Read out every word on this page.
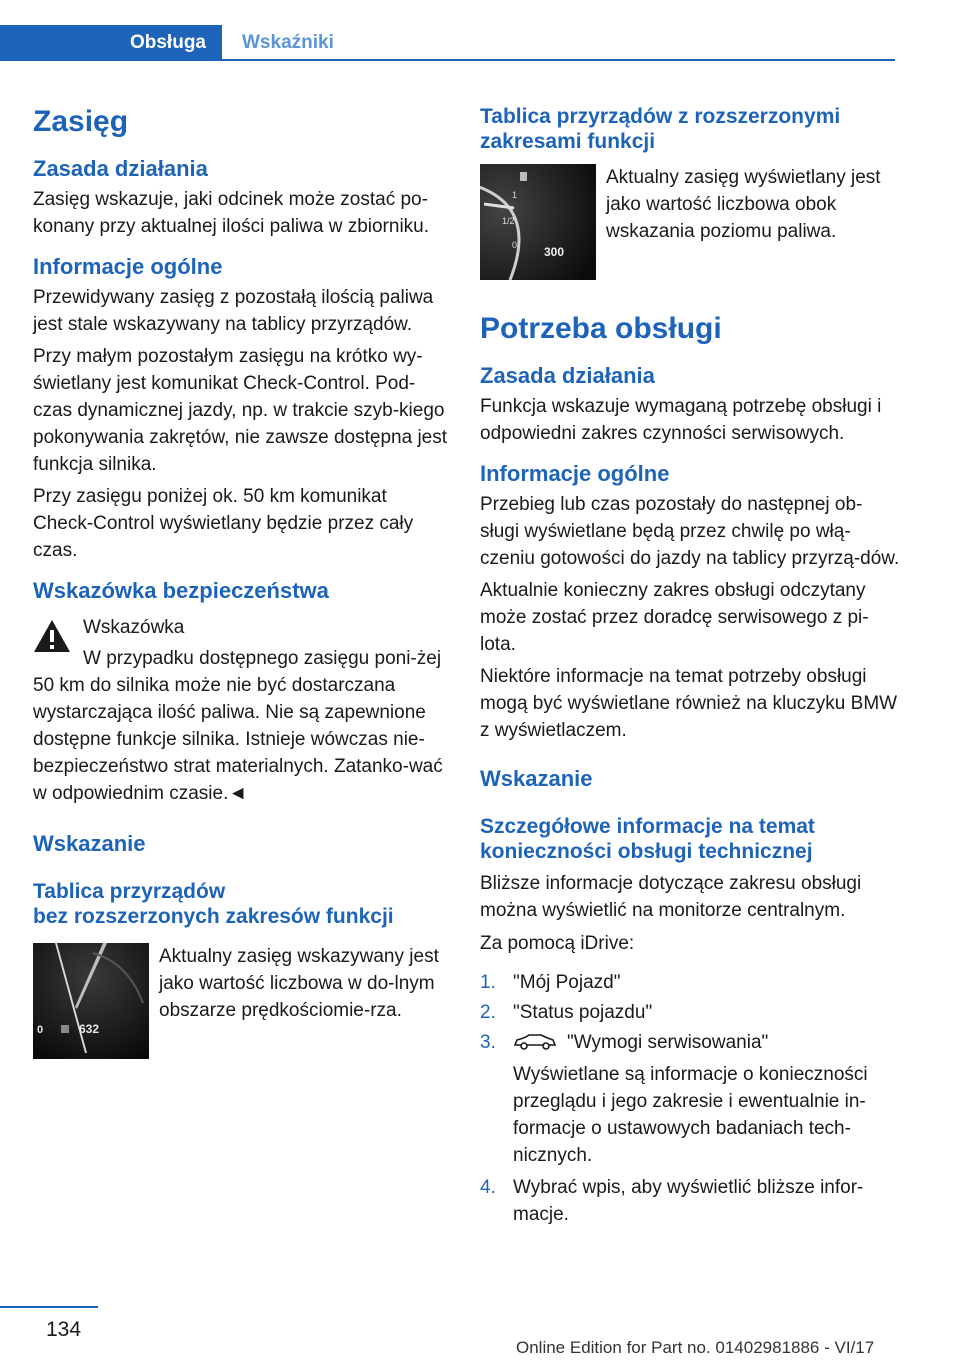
Obsługa	Wskaźniki
Zasięg
Zasada działania
Zasięg wskazuje, jaki odcinek może zostać po-konany przy aktualnej ilości paliwa w zbiorniku.
Informacje ogólne
Przewidywany zasięg z pozostałą ilością paliwa jest stale wskazywany na tablicy przyrządów.
Przy małym pozostałym zasięgu na krótko wy-świetlany jest komunikat Check-Control. Pod-czas dynamicznej jazdy, np. w trakcie szyb-kiego pokonywania zakrętów, nie zawsze dostępna jest funkcja silnika.
Przy zasięgu poniżej ok. 50 km komunikat Check-Control wyświetlany będzie przez cały czas.
Wskazówka bezpieczeństwa
Wskazówka
W przypadku dostępnego zasięgu poni-żej 50 km do silnika może nie być dostarczana wystarczająca ilość paliwa. Nie są zapewnione dostępne funkcje silnika. Istnieje wówczas nie-bezpieczeństwo strat materialnych. Zatanko-wać w odpowiednim czasie.◄
Wskazanie
Tablica przyrządów
bez rozszerzonych zakresów funkcji
0	632
Aktualny zasięg wskazywany jest jako wartość liczbowa w do-lnym obszarze prędkościomie-rza.
Tablica przyrządów z rozszerzonymi zakresami funkcji
1
1/2
0 300
Aktualny zasięg wyświetlany jest jako wartość liczbowa obok wskazania poziomu paliwa.
Potrzeba obsługi
Zasada działania
Funkcja wskazuje wymaganą potrzebę obsługi i odpowiedni zakres czynności serwisowych.
Informacje ogólne
Przebieg lub czas pozostały do następnej ob-sługi wyświetlane będą przez chwilę po włą-czeniu gotowości do jazdy na tablicy przyrzą-dów.
Aktualnie konieczny zakres obsługi odczytany może zostać przez doradcę serwisowego z pi-lota.
Niektóre informacje na temat potrzeby obsługi mogą być wyświetlane również na kluczyku BMW z wyświetlaczem.
Wskazanie
Szczegółowe informacje na temat konieczności obsługi technicznej
Bliższe informacje dotyczące zakresu obsługi można wyświetlić na monitorze centralnym.
Za pomocą iDrive:
1. "Mój Pojazd"
2. "Status pojazdu"
3.	"Wymogi serwisowania"
Wyświetlane są informacje o konieczności przeglądu i jego zakresie i ewentualnie in-formacje o ustawowych badaniach tech-nicznych.
4. Wybrać wpis, aby wyświetlić bliższe infor-macje.
134
Online Edition for Part no. 01402981886 - VI/17
